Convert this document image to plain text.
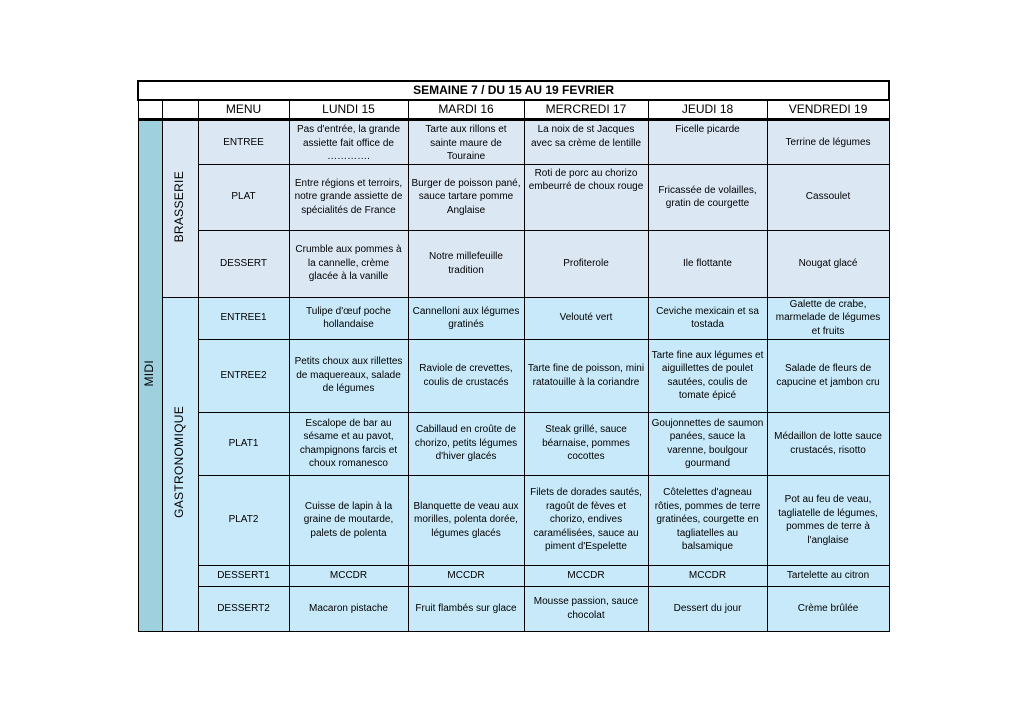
SEMAINE 7 / DU 15 AU 19 FEVRIER							
		MENU	LUNDI 15	MARDI 16	MERCREDI 17	JEUDI 18	VENDREDI 19
MIDI	BRASSERIE	ENTREE	Pas d'entrée, la grande assiette fait office de ………….	Tarte aux rillons et sainte maure de Touraine	La noix de st Jacques avec sa crème de lentille	Ficelle picarde	Terrine de légumes
		PLAT	Entre régions et terroirs, notre grande assiette de spécialités de France	Burger de poisson pané, sauce tartare pomme Anglaise	Roti de porc au chorizo embeurré de choux rouge	Fricassée de volailles, gratin de courgette	Cassoulet
		DESSERT	Crumble aux pommes à la cannelle, crème glacée à la vanille	Notre millefeuille tradition	Profiterole	Ile flottante	Nougat glacé
	GASTRONOMIQUE	ENTREE1	Tulipe d'œuf poche hollandaise	Cannelloni aux légumes gratinés	Velouté vert	Ceviche mexicain et sa tostada	Galette de crabe, marmelade de légumes et fruits
		ENTREE2	Petits choux aux rillettes de maquereaux, salade de légumes	Raviole de crevettes, coulis de crustacés	Tarte fine de poisson, mini ratatouille à la coriandre	Tarte fine aux légumes et aiguillettes de poulet sautées, coulis de tomate épicé	Salade de fleurs de capucine et jambon cru
		PLAT1	Escalope de bar au sésame et au pavot, champignons farcis et choux romanesco	Cabillaud en croûte de chorizo, petits légumes d'hiver glacés	Steak grillé, sauce béarnaise, pommes cocottes	Goujonnettes de saumon panées, sauce la varenne, boulgour gourmand	Médaillon de lotte sauce crustacés, risotto
		PLAT2	Cuisse de lapin à la graine de moutarde, palets de polenta	Blanquette de veau aux morilles, polenta dorée, légumes glacés	Filets de dorades sautés, ragoût de fèves et chorizo, endives caramélisées, sauce au piment d'Espelette	Côtelettes d'agneau rôties, pommes de terre gratinées, courgette en tagliatelles au balsamique	Pot au feu de veau, tagliatelle de légumes, pommes de terre à l'anglaise
		DESSERT1	MCCDR	MCCDR	MCCDR	MCCDR	Tartelette au citron
		DESSERT2	Macaron pistache	Fruit flambés sur glace	Mousse passion, sauce chocolat	Dessert du jour	Crème brûlée
